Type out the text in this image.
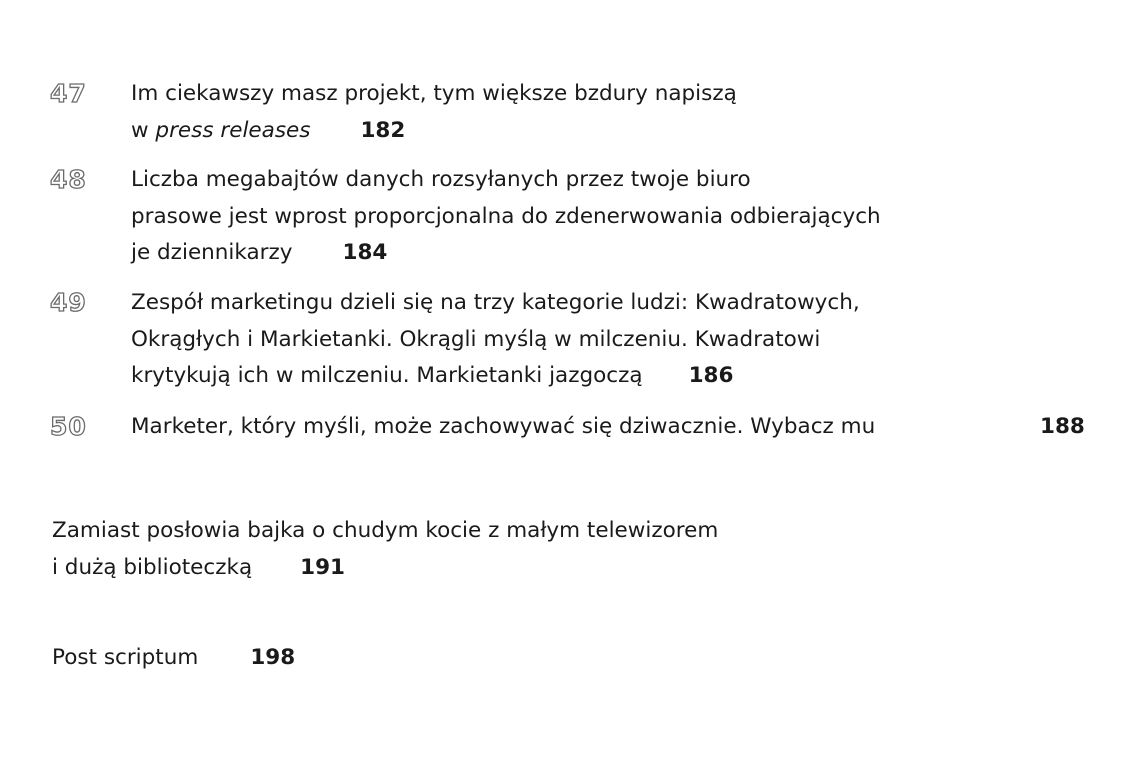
47 Im ciekawszy masz projekt, tym większe bzdury napiszą
w press releases 182
48 Liczba megabajtów danych rozsyłanych przez twoje biuro
prasowe jest wprost proporcjonalna do zdenerwowania odbierających
je dziennikarzy 184
49 Zespół marketingu dzieli się na trzy kategorie ludzi: Kwadratowych,
Okrągłych i Markietanki. Okrągli myślą w milczeniu. Kwadratowi
krytykują ich w milczeniu. Markietanki jazgoczą 186
50 Marketer, który myśli, może zachowywać się dziwacznie. Wybacz mu	188
Zamiast posłowia bajka o chudym kocie z małym telewizorem
i dużą biblioteczką 191
Post scriptum 198
